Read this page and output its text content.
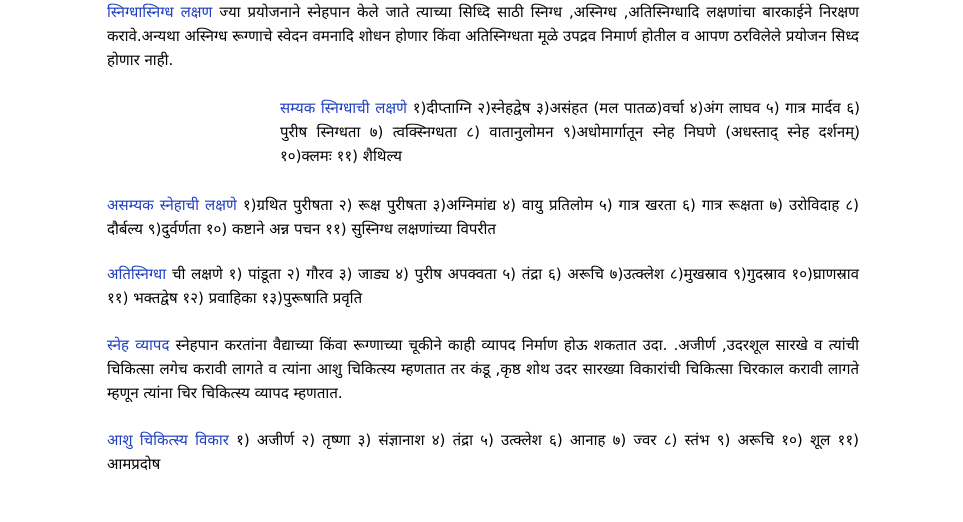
स्निग्धास्निग्ध लक्षण ज्या प्रयोजनाने स्नेहपान केले जाते त्याच्या सिध्दि साठी स्निग्ध ,अस्निग्ध ,अतिस्निग्धादि लक्षणांचा बारकाईने निरक्षण करावे.अन्यथा अस्निग्ध रूग्णाचे स्वेदन वमनादि शोधन होणार किंवा अतिस्निग्धता मूळे उपद्रव निमार्ण होतील व आपण ठरविलेले प्रयोजन सिध्द होणार नाही.

सम्यक स्निग्धाची लक्षणे १)दीप्ताग्नि २)स्नेहद्वेष ३)असंहत (मल पातळ)वर्चा ४)अंग लाघव ५) गात्र मार्दव ६) पुरीष स्निग्धता ७) त्वक्स्निग्धता ८) वातानुलोमन ९)अधोमार्गातून स्नेह निघणे (अधस्ताद् स्नेह दर्शनम्) १०)क्लमः ११) शैथिल्य

असम्यक स्नेहाची लक्षणे १)ग्रथित पुरीषता २) रूक्ष पुरीषता ३)अग्निमांद्य ४) वायु प्रतिलोम ५) गात्र खरता ६) गात्र रूक्षता ७) उरोविदाह ८) दौर्बल्य ९)दुर्वर्णता १०) कष्टाने अन्न पचन ११) सुस्निग्ध लक्षणांच्या विपरीत

अतिस्निग्धा ची लक्षणे १) पांडूता २) गौरव ३) जाड्य ४) पुरीष अपक्वता ५) तंद्रा ६) अरूचि ७)उत्क्लेश ८)मुखस्राव ९)गुदस्राव १०)घ्राणस्राव ११) भक्तद्वेष १२) प्रवाहिका १३)पुरूषाति प्रवृति

स्नेह व्यापद स्नेहपान करतांना वैद्याच्या किंवा रूग्णाच्या चूकीने काही व्यापद निर्माण होऊ शकतात उदा. .अजीर्ण ,उदरशूल सारखे व त्यांची चिकित्सा लगेच करावी लागते व त्यांना आशु चिकित्स्य म्हणतात तर कंडू ,कृष्ठ शोथ उदर सारख्या विकारांची चिकित्सा चिरकाल करावी लागते म्हणून त्यांना चिर चिकित्स्य व्यापद म्हणतात.

आशु चिकित्स्य विकार १) अजीर्ण २) तृष्णा ३) संज्ञानाश ४) तंद्रा ५) उत्क्लेश ६) आनाह ७) ज्वर ८) स्तंभ ९) अरूचि १०) शूल ११) आमप्रदोष
